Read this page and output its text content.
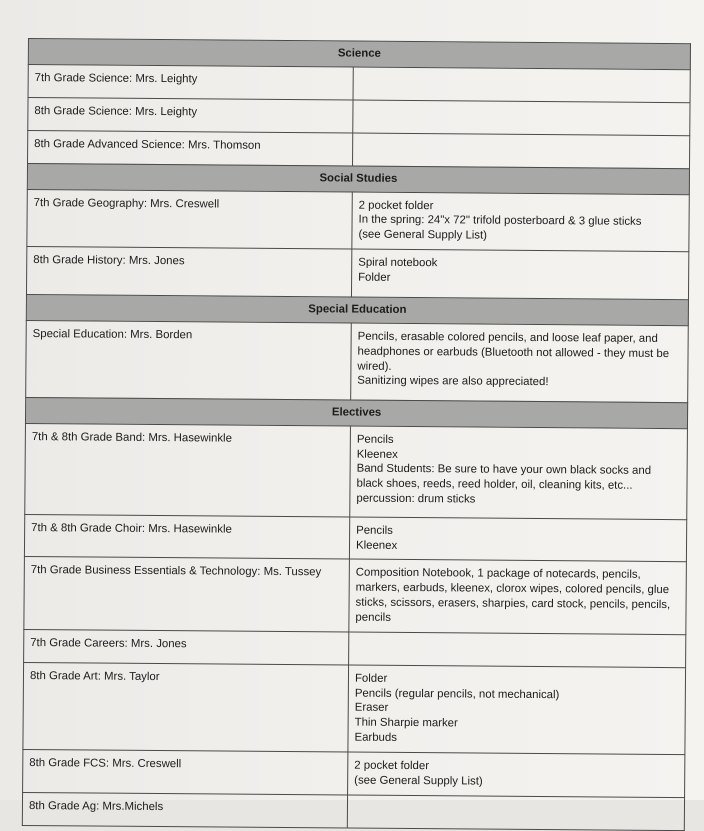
Science	

7th Grade Science: Mrs. Leighty	

8th Grade Science: Mrs. Leighty	

8th Grade Advanced Science: Mrs. Thomson	

Social Studies	

7th Grade Geography: Mrs. Creswell	2 pocket folder
In the spring: 24"x 72" trifold posterboard & 3 glue sticks
(see General Supply List)

8th Grade History: Mrs. Jones	Spiral notebook
Folder

Special Education	

Special Education: Mrs. Borden	Pencils, erasable colored pencils, and loose leaf paper, and headphones or earbuds (Bluetooth not allowed - they must be wired).
Sanitizing wipes are also appreciated!

Electives	

7th & 8th Grade Band: Mrs. Hasewinkle	Pencils
Kleenex
Band Students: Be sure to have your own black socks and black shoes, reeds, reed holder, oil, cleaning kits, etc...
percussion: drum sticks

7th & 8th Grade Choir: Mrs. Hasewinkle	Pencils
Kleenex

7th Grade Business Essentials & Technology: Ms. Tussey	Composition Notebook, 1 package of notecards, pencils, markers, earbuds, kleenex, clorox wipes, colored pencils, glue sticks, scissors, erasers, sharpies, card stock, pencils, pencils, pencils

7th Grade Careers: Mrs. Jones	

8th Grade Art: Mrs. Taylor	Folder
Pencils (regular pencils, not mechanical)
Eraser
Thin Sharpie marker
Earbuds

8th Grade FCS: Mrs. Creswell	2 pocket folder
(see General Supply List)

8th Grade Ag: Mrs.Michels	
